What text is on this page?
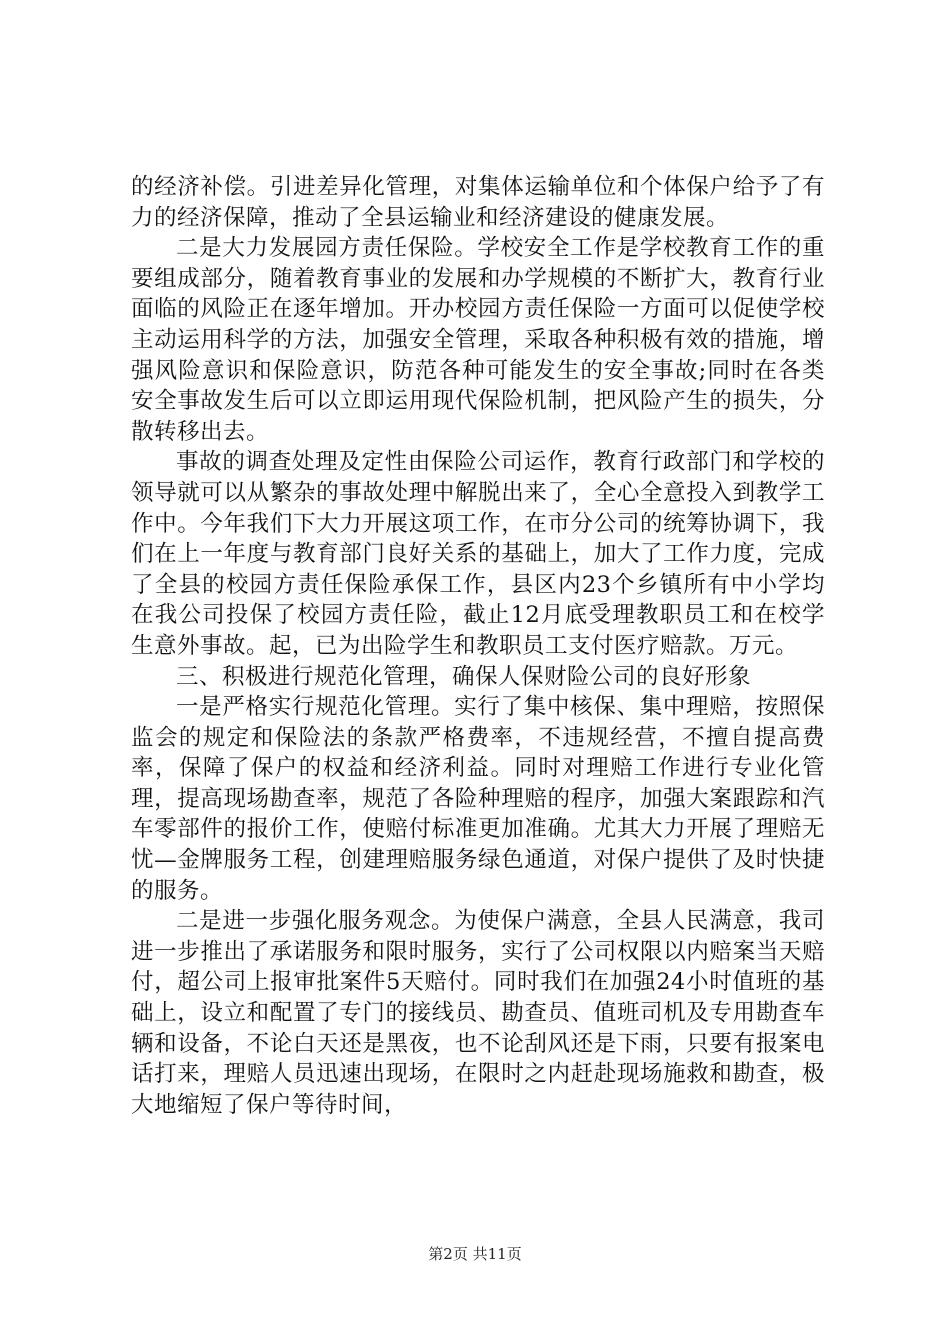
的经济补偿。引进差异化管理，对集体运输单位和个体保户给予了有力的经济保障，推动了全县运输业和经济建设的健康发展。

二是大力发展园方责任保险。学校安全工作是学校教育工作的重要组成部分，随着教育事业的发展和办学规模的不断扩大，教育行业面临的风险正在逐年增加。开办校园方责任保险一方面可以促使学校主动运用科学的方法，加强安全管理，采取各种积极有效的措施，增强风险意识和保险意识，防范各种可能发生的安全事故;同时在各类安全事故发生后可以立即运用现代保险机制，把风险产生的损失，分散转移出去。

事故的调查处理及定性由保险公司运作，教育行政部门和学校的领导就可以从繁杂的事故处理中解脱出来了，全心全意投入到教学工作中。今年我们下大力开展这项工作，在市分公司的统筹协调下，我们在上一年度与教育部门良好关系的基础上，加大了工作力度，完成了全县的校园方责任保险承保工作，县区内23个乡镇所有中小学均在我公司投保了校园方责任险，截止12月底受理教职员工和在校学生意外事故。起，已为出险学生和教职员工支付医疗赔款。万元。

三、积极进行规范化管理，确保人保财险公司的良好形象

一是严格实行规范化管理。实行了集中核保、集中理赔，按照保监会的规定和保险法的条款严格费率，不违规经营，不擅自提高费率，保障了保户的权益和经济利益。同时对理赔工作进行专业化管理，提高现场勘查率，规范了各险种理赔的程序，加强大案跟踪和汽车零部件的报价工作，使赔付标准更加准确。尤其大力开展了理赔无忧—金牌服务工程，创建理赔服务绿色通道，对保户提供了及时快捷的服务。

二是进一步强化服务观念。为使保户满意，全县人民满意，我司进一步推出了承诺服务和限时服务，实行了公司权限以内赔案当天赔付，超公司上报审批案件5天赔付。同时我们在加强24小时值班的基础上，设立和配置了专门的接线员、勘查员、值班司机及专用勘查车辆和设备，不论白天还是黑夜，也不论刮风还是下雨，只要有报案电话打来，理赔人员迅速出现场，在限时之内赶赴现场施救和勘查，极大地缩短了保户等待时间，

第2页 共11页
